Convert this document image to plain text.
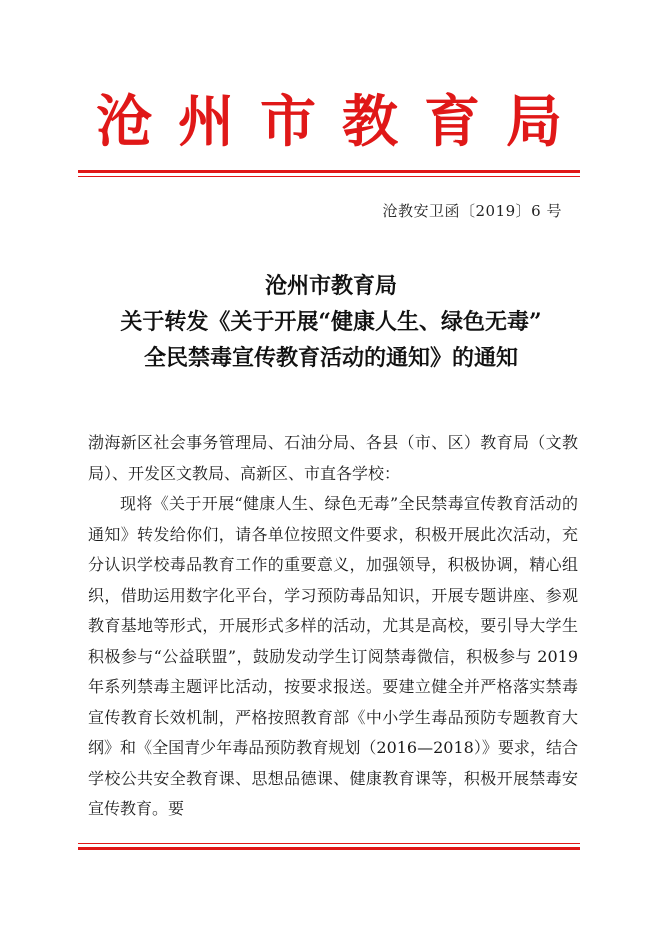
沧 州 市 教 育 局
沧教安卫函〔2019〕6 号
沧州市教育局
关于转发《关于开展“健康人生、绿色无毒”
全民禁毒宣传教育活动的通知》的通知

渤海新区社会事务管理局、石油分局、各县（市、区）教育局（文教局）、开发区文教局、高新区、市直各学校：

现将《关于开展“健康人生、绿色无毒”全民禁毒宣传教育活动的通知》转发给你们，请各单位按照文件要求，积极开展此次活动，充分认识学校毒品教育工作的重要意义，加强领导，积极协调，精心组织，借助运用数字化平台，学习预防毒品知识，开展专题讲座、参观教育基地等形式，开展形式多样的活动，尤其是高校，要引导大学生积极参与“公益联盟”，鼓励发动学生订阅禁毒微信，积极参与 2019 年系列禁毒主题评比活动，按要求报送。要建立健全并严格落实禁毒宣传教育长效机制，严格按照教育部《中小学生毒品预防专题教育大纲》和《全国青少年毒品预防教育规划（2016—2018）》要求，结合学校公共安全教育课、思想品德课、健康教育课等，积极开展禁毒安宣传教育。要
